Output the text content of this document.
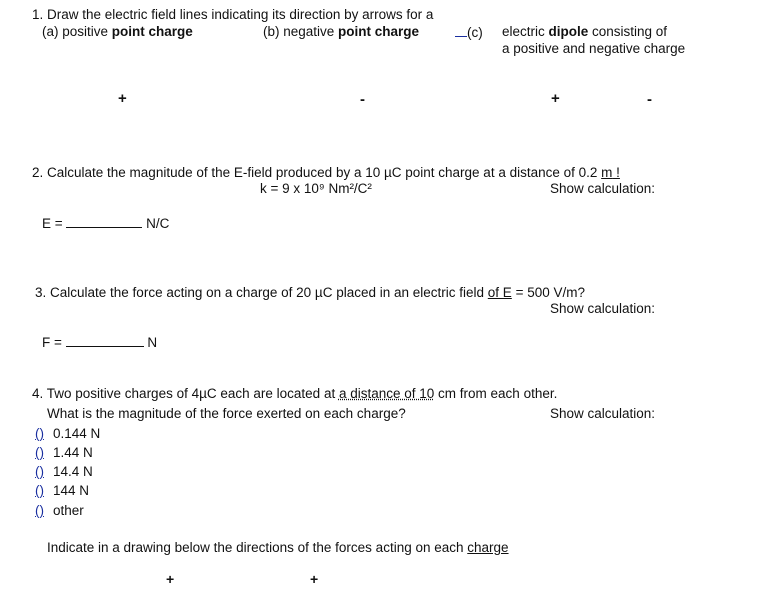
1. Draw the electric field lines indicating its direction by arrows for a
(a) positive point charge	(b) negative point charge	(c) electric dipole consisting of
a positive and negative charge
+	-	+	-
2. Calculate the magnitude of the E-field produced by a 10 µC point charge at a distance of 0.2 m !
k = 9 x 10⁹ Nm²/C²	Show calculation:
E =	N/C
3. Calculate the force acting on a charge of 20 µC placed in an electric field of E = 500 V/m?
Show calculation:
F =	N
4. Two positive charges of 4µC each are located at a distance of 10 cm from each other.
What is the magnitude of the force exerted on each charge?	Show calculation:
() 0.144 N
() 1.44 N
() 14.4 N
() 144 N
() other
Indicate in a drawing below the directions of the forces acting on each charge
+	+
